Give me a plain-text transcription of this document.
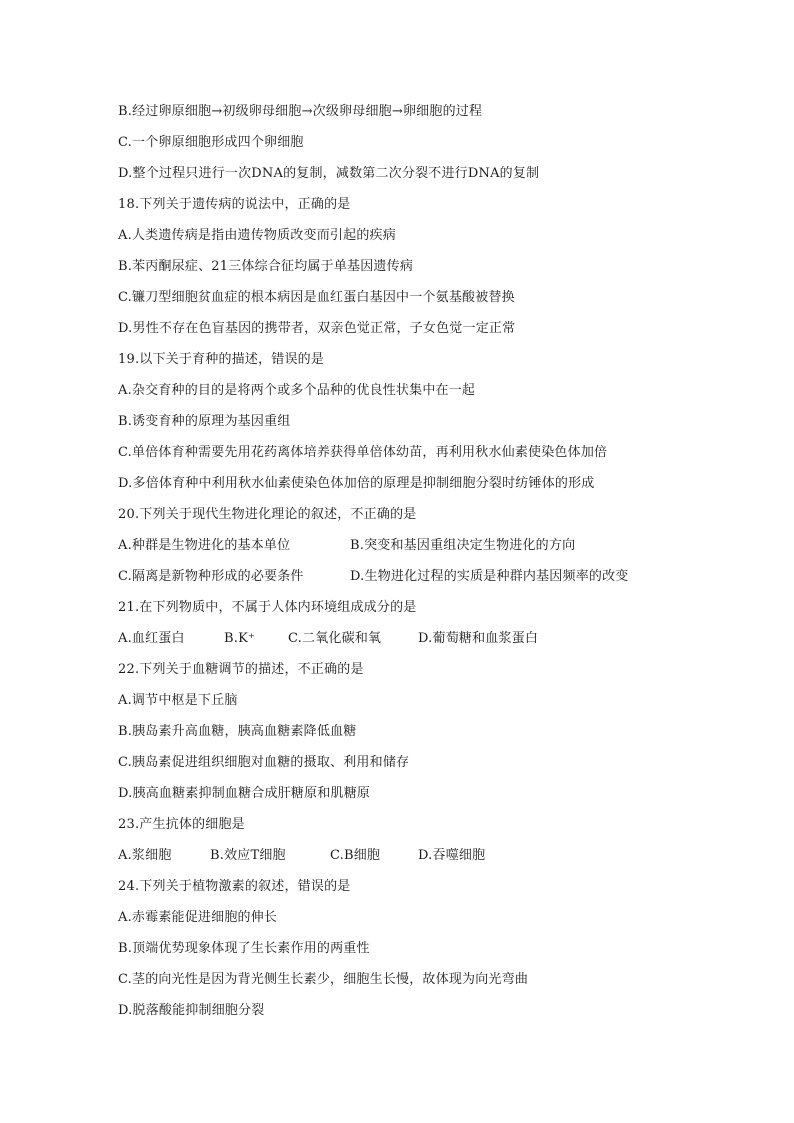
B.经过卵原细胞→初级卵母细胞→次级卵母细胞→卵细胞的过程
C.一个卵原细胞形成四个卵细胞
D.整个过程只进行一次DNA的复制，减数第二次分裂不进行DNA的复制
18.下列关于遗传病的说法中，正确的是
A.人类遗传病是指由遗传物质改变而引起的疾病
B.苯丙酮尿症、21三体综合征均属于单基因遗传病
C.镰刀型细胞贫血症的根本病因是血红蛋白基因中一个氨基酸被替换
D.男性不存在色盲基因的携带者，双亲色觉正常，子女色觉一定正常
19.以下关于育种的描述，错误的是
A.杂交育种的目的是将两个或多个品种的优良性状集中在一起
B.诱变育种的原理为基因重组
C.单倍体育种需要先用花药离体培养获得单倍体幼苗，再利用秋水仙素使染色体加倍
D.多倍体育种中利用秋水仙素使染色体加倍的原理是抑制细胞分裂时纺锤体的形成
20.下列关于现代生物进化理论的叙述，不正确的是
A.种群是生物进化的基本单位	B.突变和基因重组决定生物进化的方向
C.隔离是新物种形成的必要条件	D.生物进化过程的实质是种群内基因频率的改变
21.在下列物质中，不属于人体内环境组成成分的是
A.血红蛋白	B.K⁺	C.二氧化碳和氧	D.葡萄糖和血浆蛋白
22.下列关于血糖调节的描述，不正确的是
A.调节中枢是下丘脑
B.胰岛素升高血糖，胰高血糖素降低血糖
C.胰岛素促进组织细胞对血糖的摄取、利用和储存
D.胰高血糖素抑制血糖合成肝糖原和肌糖原
23.产生抗体的细胞是
A.浆细胞	B.效应T细胞	C.B细胞	D.吞噬细胞
24.下列关于植物激素的叙述，错误的是
A.赤霉素能促进细胞的伸长
B.顶端优势现象体现了生长素作用的两重性
C.茎的向光性是因为背光侧生长素少，细胞生长慢，故体现为向光弯曲
D.脱落酸能抑制细胞分裂
